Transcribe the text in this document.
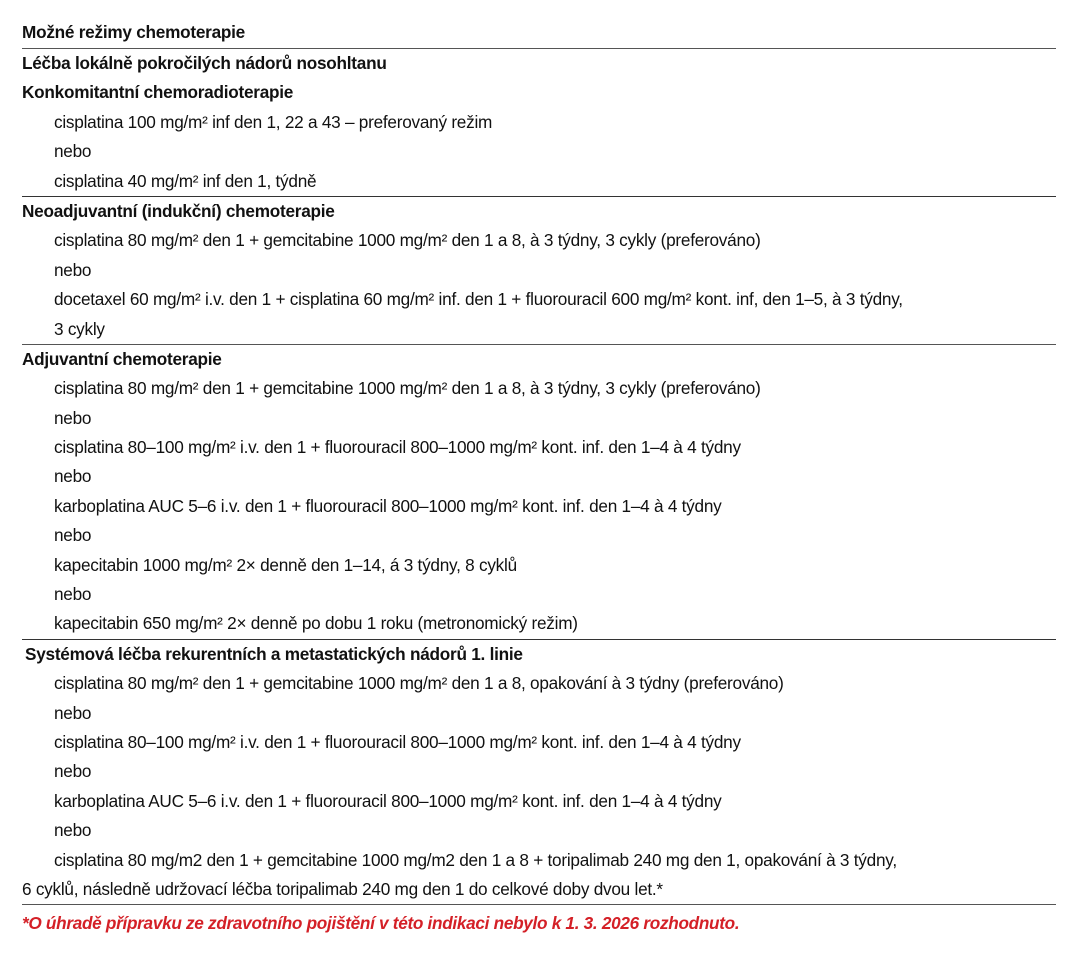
Možné režimy chemoterapie
Léčba lokálně pokročilých nádorů nosohltanu
Konkomitantní chemoradioterapie
cisplatina 100 mg/m² inf den 1, 22 a 43 – preferovaný režim
nebo
cisplatina 40 mg/m² inf den 1, týdně
Neoadjuvantní (indukční) chemoterapie
cisplatina 80 mg/m² den 1 + gemcitabine 1000 mg/m² den 1 a 8, à 3 týdny, 3 cykly (preferováno)
nebo
docetaxel 60 mg/m² i.v. den 1 + cisplatina 60 mg/m² inf. den 1 + fluorouracil 600 mg/m² kont. inf, den 1–5, à 3 týdny,
3 cykly
Adjuvantní chemoterapie
cisplatina 80 mg/m² den 1 + gemcitabine 1000 mg/m² den 1 a 8, à 3 týdny, 3 cykly (preferováno)
nebo
cisplatina 80–100 mg/m² i.v. den 1 + fluorouracil 800–1000 mg/m² kont. inf. den 1–4 à 4 týdny
nebo
karboplatina AUC 5–6 i.v. den 1 + fluorouracil 800–1000 mg/m² kont. inf. den 1–4 à 4 týdny
nebo
kapecitabin 1000 mg/m² 2× denně den 1–14, á 3 týdny, 8 cyklů
nebo
kapecitabin 650 mg/m² 2× denně po dobu 1 roku (metronomický režim)
Systémová léčba rekurentních a metastatických nádorů 1. linie
cisplatina 80 mg/m² den 1 + gemcitabine 1000 mg/m² den 1 a 8, opakování à 3 týdny (preferováno)
nebo
cisplatina 80–100 mg/m² i.v. den 1 + fluorouracil 800–1000 mg/m² kont. inf. den 1–4 à 4 týdny
nebo
karboplatina AUC 5–6 i.v. den 1 + fluorouracil 800–1000 mg/m² kont. inf. den 1–4 à 4 týdny
nebo
cisplatina 80 mg/m2 den 1 + gemcitabine 1000 mg/m2 den 1 a 8 + toripalimab 240 mg den 1, opakování à 3 týdny,
6 cyklů, následně udržovací léčba toripalimab 240 mg den 1 do celkové doby dvou let.*
*O úhradě přípravku ze zdravotního pojištění v této indikaci nebylo k 1. 3. 2026 rozhodnuto.
